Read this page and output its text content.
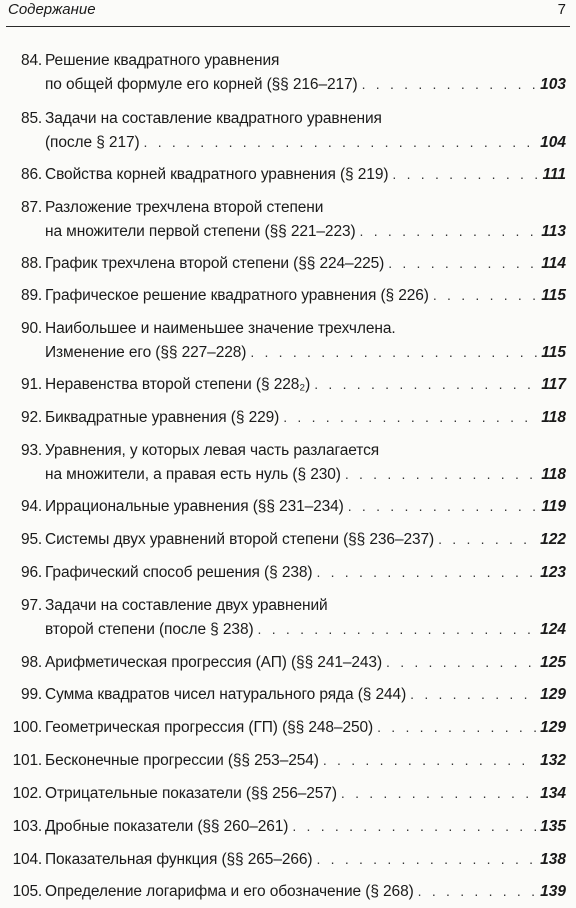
Содержание	7
84. Решение квадратного уравнения
по общей формуле его корней (§§ 216–217) . . .	103
85. Задачи на составление квадратного уравнения
(после § 217) . . .	104
86. Свойства корней квадратного уравнения (§ 219) . . .	111
87. Разложение трехчлена второй степени
на множители первой степени (§§ 221–223) . . .	113
88. График трехчлена второй степени (§§ 224–225) . . .	114
89. Графическое решение квадратного уравнения (§ 226) . . .	115
90. Наибольшее и наименьшее значение трехчлена.
Изменение его (§§ 227–228) . . .	115
91. Неравенства второй степени (§ 228₂) . . .	117
92. Биквадратные уравнения (§ 229) . . .	118
93. Уравнения, у которых левая часть разлагается
на множители, а правая есть нуль (§ 230) . . .	118
94. Иррациональные уравнения (§§ 231–234) . . .	119
95. Системы двух уравнений второй степени (§§ 236–237) . . .	122
96. Графический способ решения (§ 238) . . .	123
97. Задачи на составление двух уравнений
второй степени (после § 238) . . .	124
98. Арифметическая прогрессия (АП) (§§ 241–243) . . .	125
99. Сумма квадратов чисел натурального ряда (§ 244) . . .	129
100. Геометрическая прогрессия (ГП) (§§ 248–250) . . .	129
101. Бесконечные прогрессии (§§ 253–254) . . .	132
102. Отрицательные показатели (§§ 256–257) . . .	134
103. Дробные показатели (§§ 260–261) . . .	135
104. Показательная функция (§§ 265–266) . . .	138
105. Определение логарифма и его обозначение (§ 268) . . .	139
